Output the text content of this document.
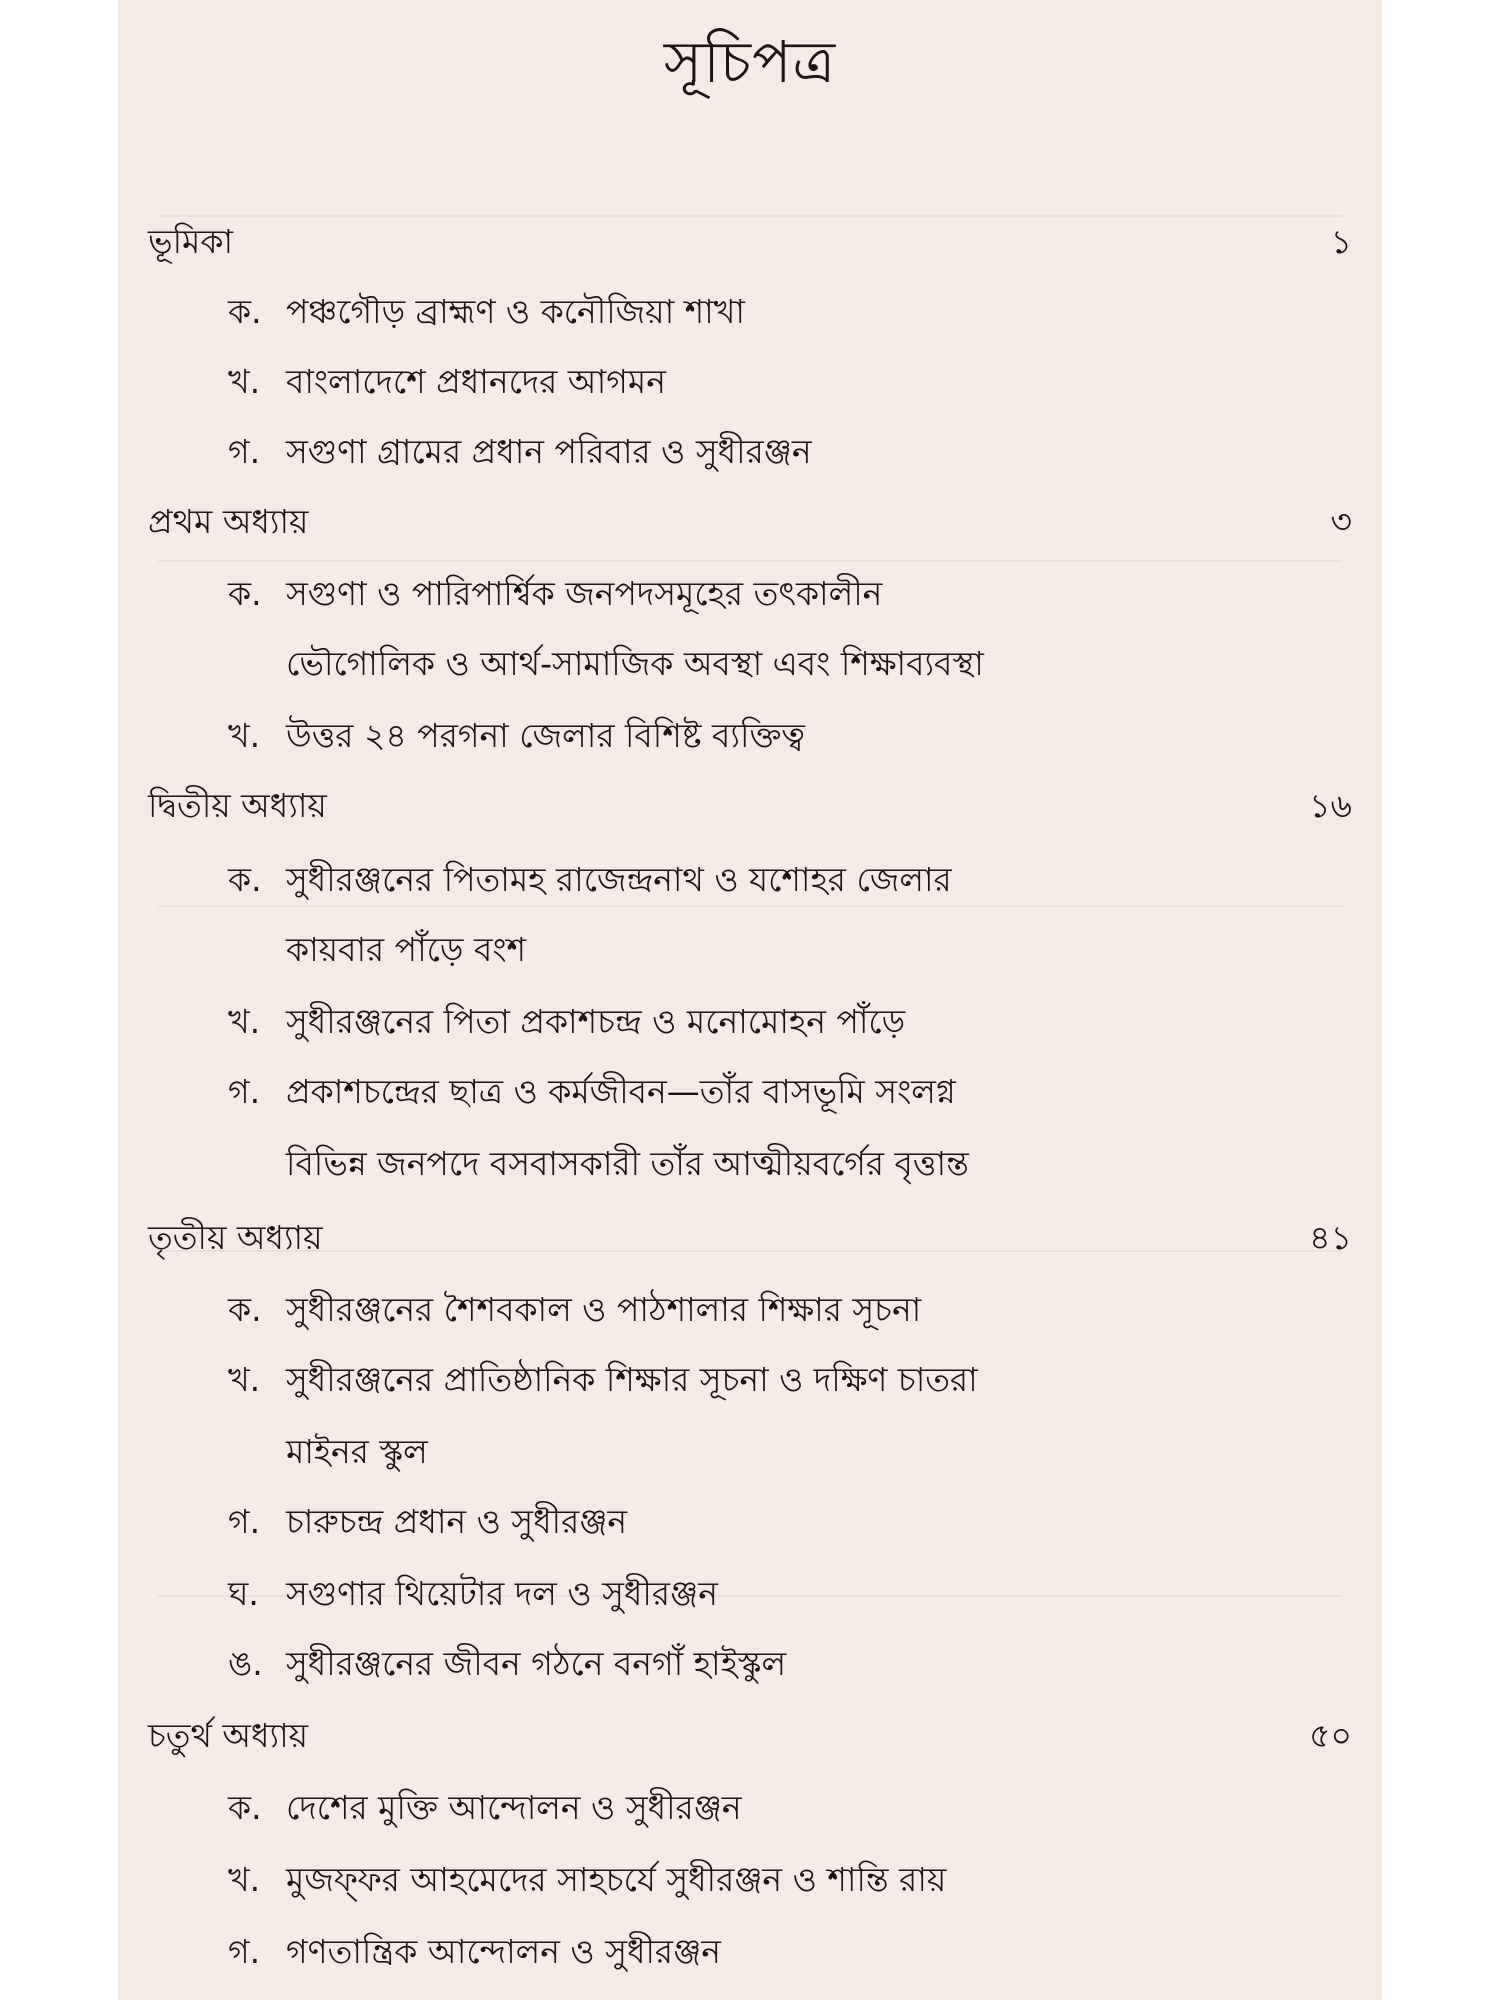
সূচিপত্র
ভূমিকা	১
ক. পঞ্চগৌড় ব্রাহ্মণ ও কনৌজিয়া শাখা
খ. বাংলাদেশে প্রধানদের আগমন
গ. সগুণা গ্রামের প্রধান পরিবার ও সুধীরঞ্জন
প্রথম অধ্যায়	৩
ক. সগুণা ও পারিপার্শ্বিক জনপদসমূহের তৎকালীন
ভৌগোলিক ও আর্থ-সামাজিক অবস্থা এবং শিক্ষাব্যবস্থা
খ. উত্তর ২৪ পরগনা জেলার বিশিষ্ট ব্যক্তিত্ব
দ্বিতীয় অধ্যায়	১৬
ক. সুধীরঞ্জনের পিতামহ রাজেন্দ্রনাথ ও যশোহর জেলার
কায়বার পাঁড়ে বংশ
খ. সুধীরঞ্জনের পিতা প্রকাশচন্দ্র ও মনোমোহন পাঁড়ে
গ. প্রকাশচন্দ্রের ছাত্র ও কর্মজীবন—তাঁর বাসভূমি সংলগ্ন
বিভিন্ন জনপদে বসবাসকারী তাঁর আত্মীয়বর্গের বৃত্তান্ত
তৃতীয় অধ্যায়	৪১
ক. সুধীরঞ্জনের শৈশবকাল ও পাঠশালার শিক্ষার সূচনা
খ. সুধীরঞ্জনের প্রাতিষ্ঠানিক শিক্ষার সূচনা ও দক্ষিণ চাতরা
মাইনর স্কুল
গ. চারুচন্দ্র প্রধান ও সুধীরঞ্জন
ঘ. সগুণার থিয়েটার দল ও সুধীরঞ্জন
ঙ. সুধীরঞ্জনের জীবন গঠনে বনগাঁ হাইস্কুল
চতুর্থ অধ্যায়	৫০
ক. দেশের মুক্তি আন্দোলন ও সুধীরঞ্জন
খ. মুজফ্‌ফর আহমেদের সাহচর্যে সুধীরঞ্জন ও শান্তি রায়
গ. গণতান্ত্রিক আন্দোলন ও সুধীরঞ্জন
